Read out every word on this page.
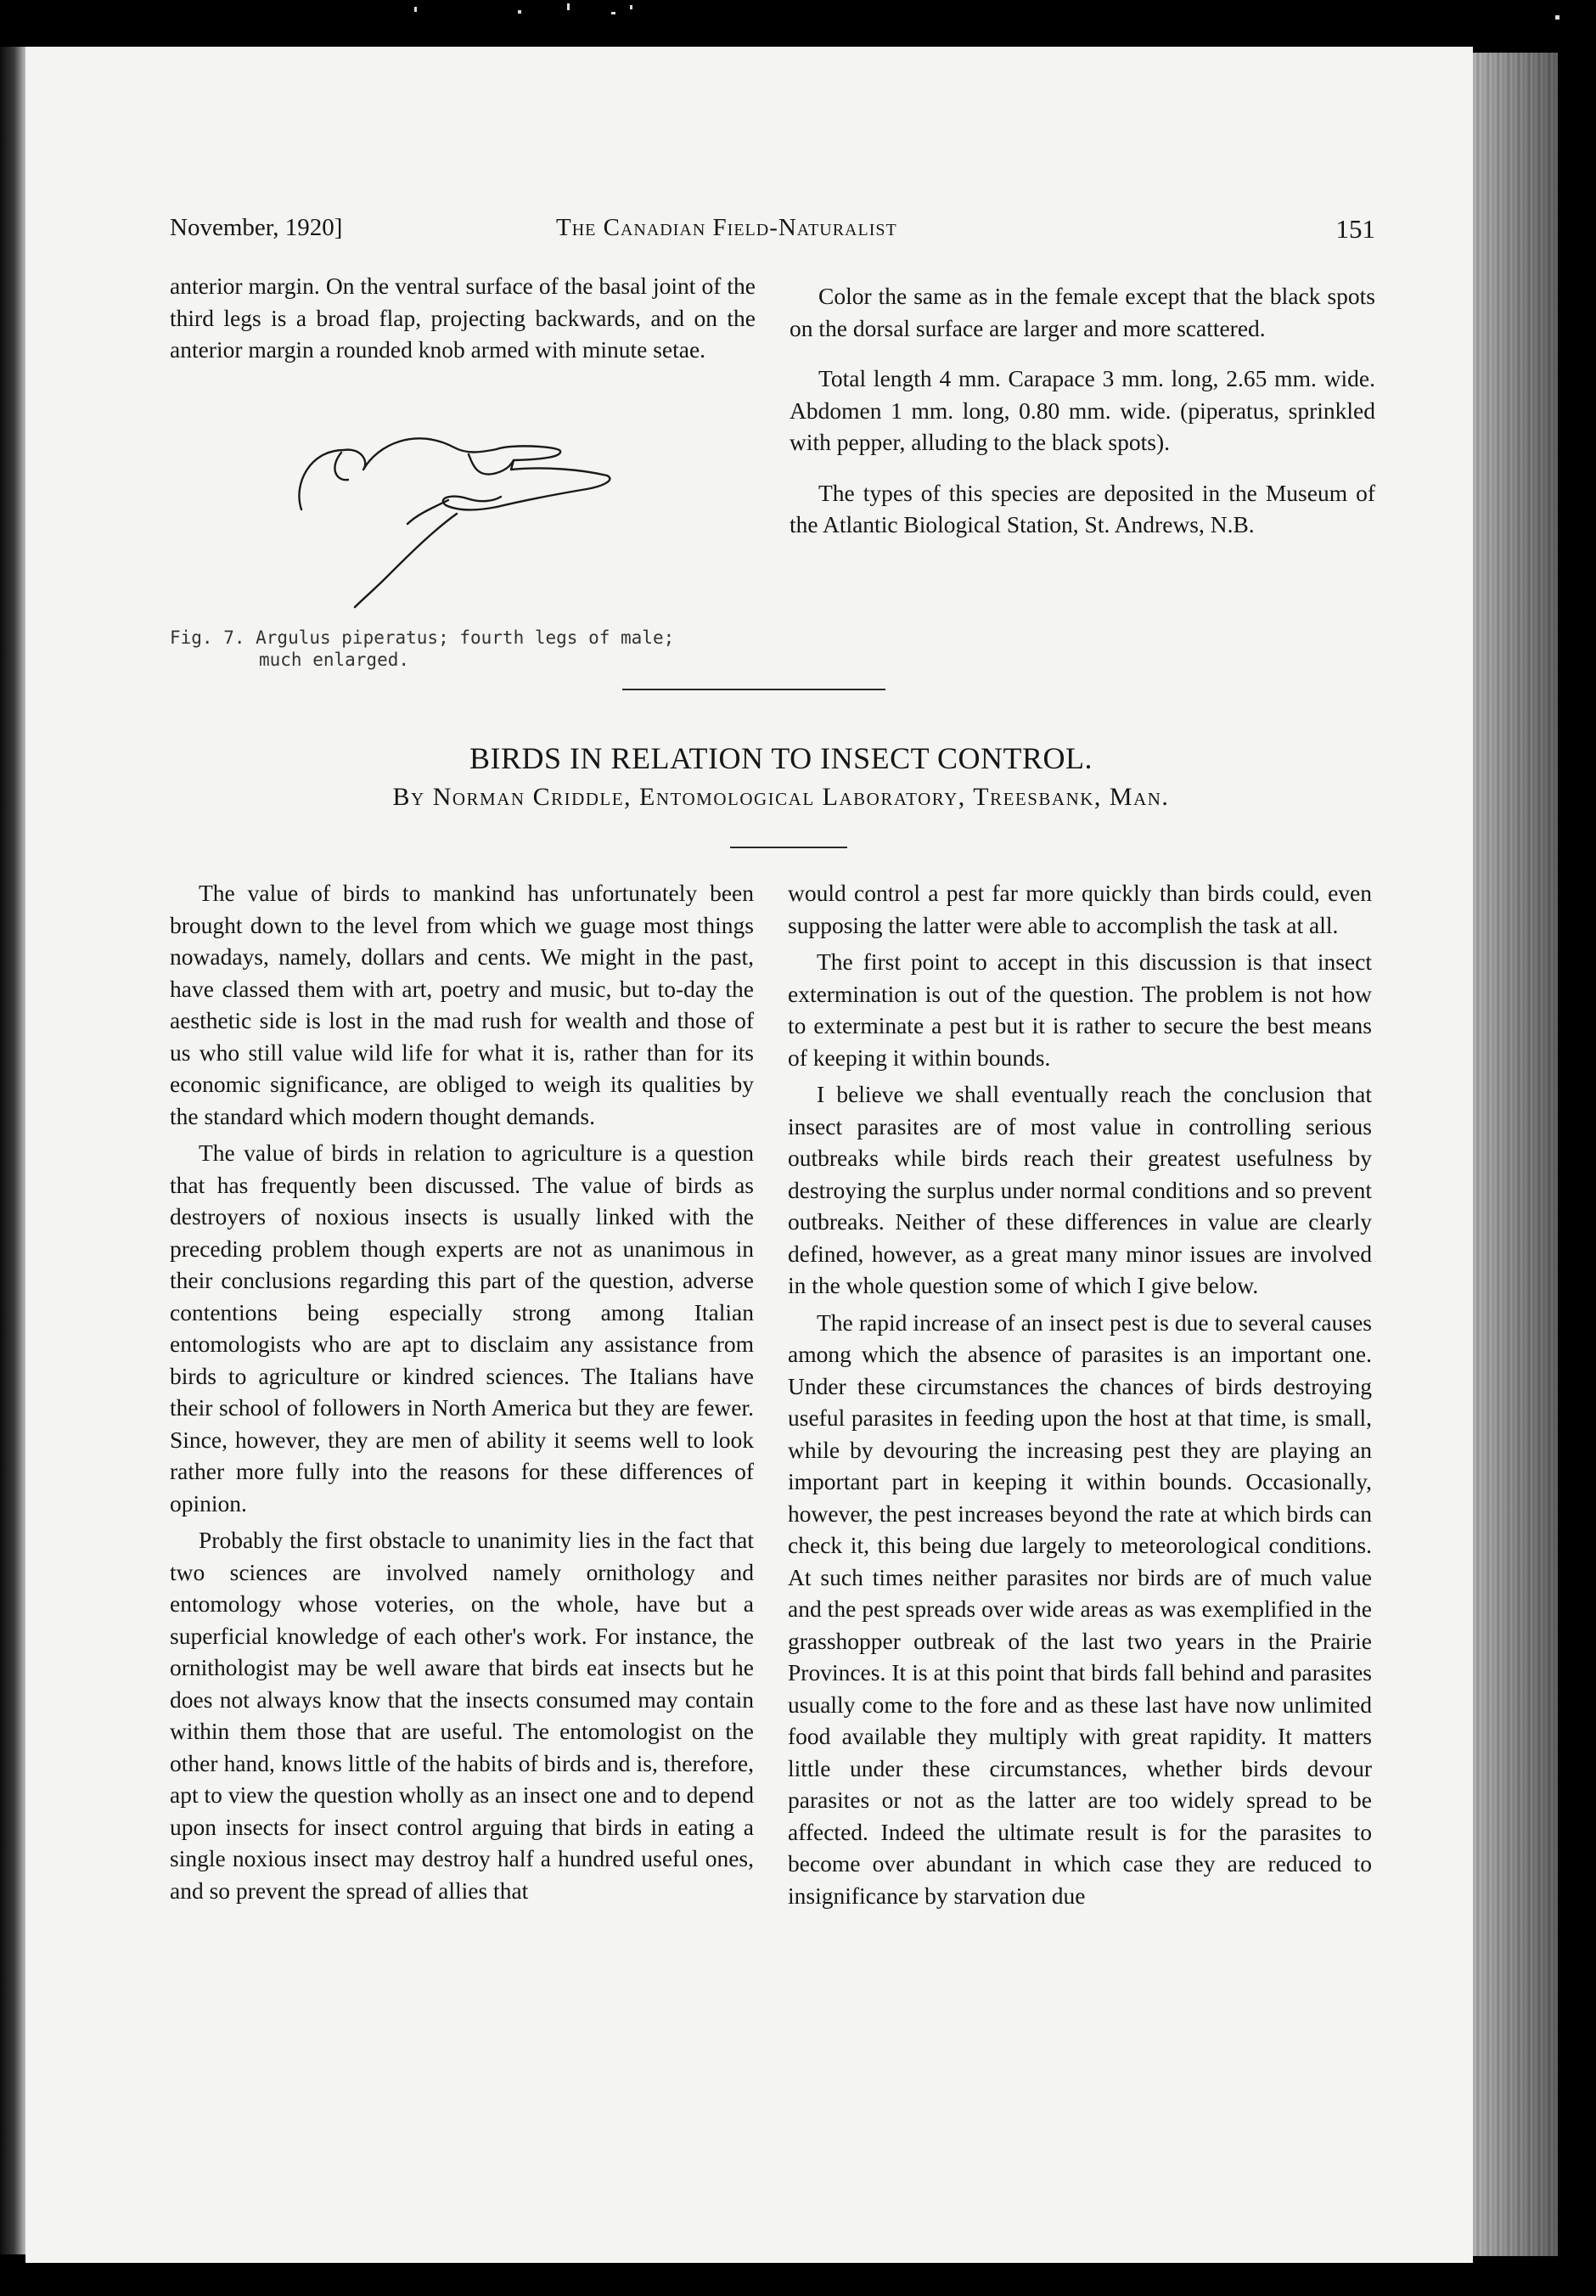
November, 1920]	The Canadian Field-Naturalist	151

anterior margin. On the ventral surface of the basal joint of the third legs is a broad flap, projecting backwards, and on the anterior margin a rounded knob armed with minute setae.

Color the same as in the female except that the black spots on the dorsal surface are larger and more scattered.

Total length 4 mm. Carapace 3 mm. long, 2.65 mm. wide. Abdomen 1 mm. long, 0.80 mm. wide. (piperatus, sprinkled with pepper, alluding to the black spots).

The types of this species are deposited in the Museum of the Atlantic Biological Station, St. Andrews, N.B.

Fig. 7. Argulus piperatus; fourth legs of male;
much enlarged.
BIRDS IN RELATION TO INSECT CONTROL.
By Norman Criddle, Entomological Laboratory, Treesbank, Man.

The value of birds to mankind has unfortunately been brought down to the level from which we guage most things nowadays, namely, dollars and cents. We might in the past, have classed them with art, poetry and music, but to-day the aesthetic side is lost in the mad rush for wealth and those of us who still value wild life for what it is, rather than for its economic significance, are obliged to weigh its qualities by the standard which modern thought demands.

The value of birds in relation to agriculture is a question that has frequently been discussed. The value of birds as destroyers of noxious insects is usually linked with the preceding problem though experts are not as unanimous in their conclusions regarding this part of the question, adverse contentions being especially strong among Italian entomologists who are apt to disclaim any assistance from birds to agriculture or kindred sciences. The Italians have their school of followers in North America but they are fewer. Since, however, they are men of ability it seems well to look rather more fully into the reasons for these differences of opinion.

Probably the first obstacle to unanimity lies in the fact that two sciences are involved namely ornithology and entomology whose voteries, on the whole, have but a superficial knowledge of each other's work. For instance, the ornithologist may be well aware that birds eat insects but he does not always know that the insects consumed may contain within them those that are useful. The entomologist on the other hand, knows little of the habits of birds and is, therefore, apt to view the question wholly as an insect one and to depend upon insects for insect control arguing that birds in eating a single noxious insect may destroy half a hundred useful ones, and so prevent the spread of allies that

would control a pest far more quickly than birds could, even supposing the latter were able to accomplish the task at all.

The first point to accept in this discussion is that insect extermination is out of the question. The problem is not how to exterminate a pest but it is rather to secure the best means of keeping it within bounds.

I believe we shall eventually reach the conclusion that insect parasites are of most value in controlling serious outbreaks while birds reach their greatest usefulness by destroying the surplus under normal conditions and so prevent outbreaks. Neither of these differences in value are clearly defined, however, as a great many minor issues are involved in the whole question some of which I give below.

The rapid increase of an insect pest is due to several causes among which the absence of parasites is an important one. Under these circumstances the chances of birds destroying useful parasites in feeding upon the host at that time, is small, while by devouring the increasing pest they are playing an important part in keeping it within bounds. Occasionally, however, the pest increases beyond the rate at which birds can check it, this being due largely to meteorological conditions. At such times neither parasites nor birds are of much value and the pest spreads over wide areas as was exemplified in the grasshopper outbreak of the last two years in the Prairie Provinces. It is at this point that birds fall behind and parasites usually come to the fore and as these last have now unlimited food available they multiply with great rapidity. It matters little under these circumstances, whether birds devour parasites or not as the latter are too widely spread to be affected. Indeed the ultimate result is for the parasites to become over abundant in which case they are reduced to insignificance by starvation due
